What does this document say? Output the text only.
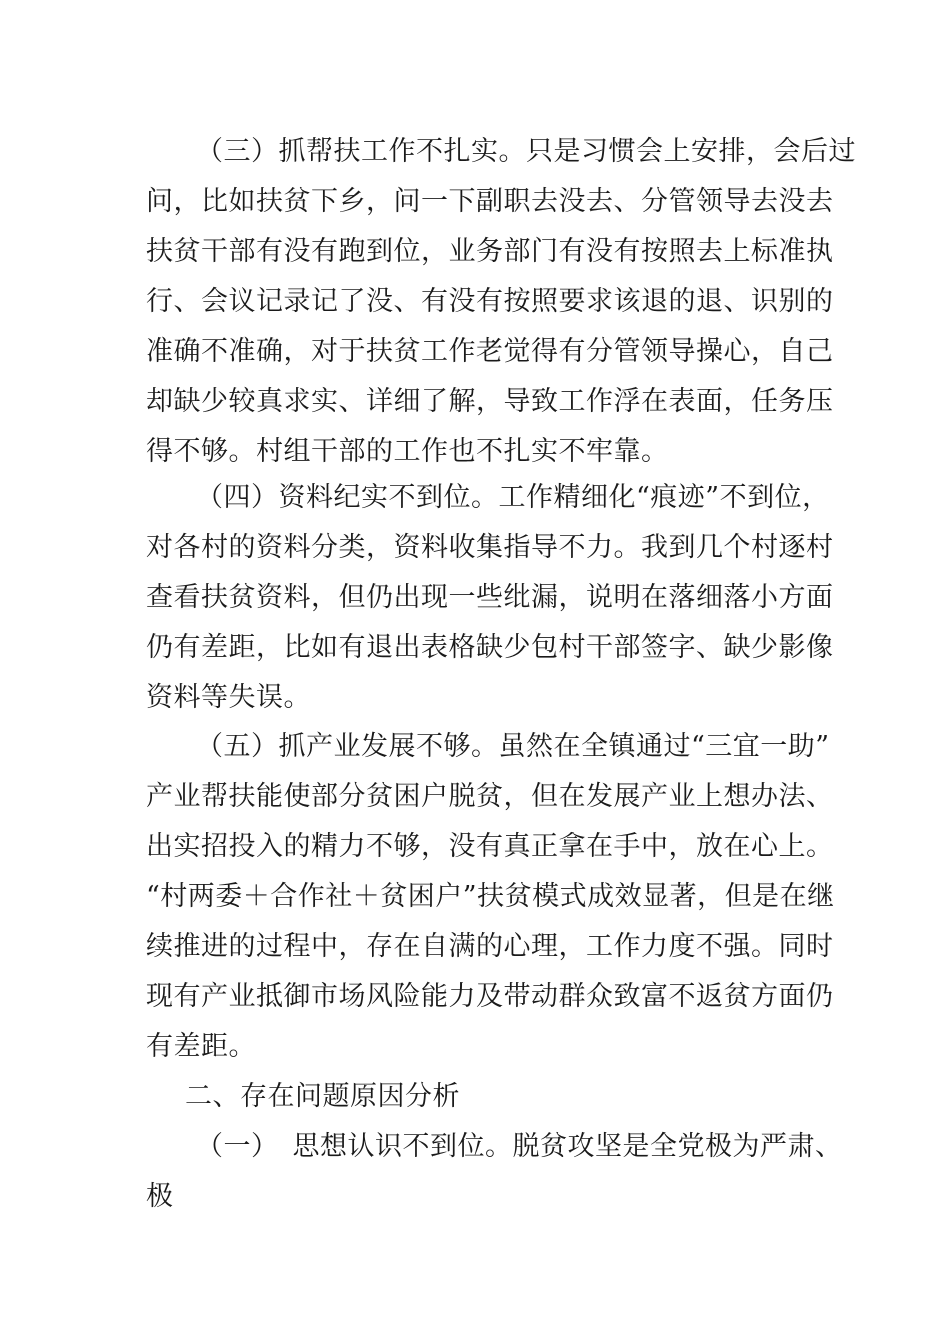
（三）抓帮扶工作不扎实。只是习惯会上安排，会后过
问，比如扶贫下乡，问一下副职去没去、分管领导去没去
扶贫干部有没有跑到位，业务部门有没有按照去上标准执
行、会议记录记了没、有没有按照要求该退的退、识别的
准确不准确，对于扶贫工作老觉得有分管领导操心，自己
却缺少较真求实、详细了解，导致工作浮在表面，任务压
得不够。村组干部的工作也不扎实不牢靠。
（四）资料纪实不到位。工作精细化“痕迹”不到位，
对各村的资料分类，资料收集指导不力。我到几个村逐村
查看扶贫资料，但仍出现一些纰漏，说明在落细落小方面
仍有差距，比如有退出表格缺少包村干部签字、缺少影像
资料等失误。
（五）抓产业发展不够。虽然在全镇通过“三宜一助”
产业帮扶能使部分贫困户脱贫，但在发展产业上想办法、
出实招投入的精力不够，没有真正拿在手中，放在心上。
“村两委＋合作社＋贫困户”扶贫模式成效显著，但是在继
续推进的过程中，存在自满的心理，工作力度不强。同时
现有产业抵御市场风险能力及带动群众致富不返贫方面仍
有差距。
二、存在问题原因分析
（一）　思想认识不到位。脱贫攻坚是全党极为严肃、
极
